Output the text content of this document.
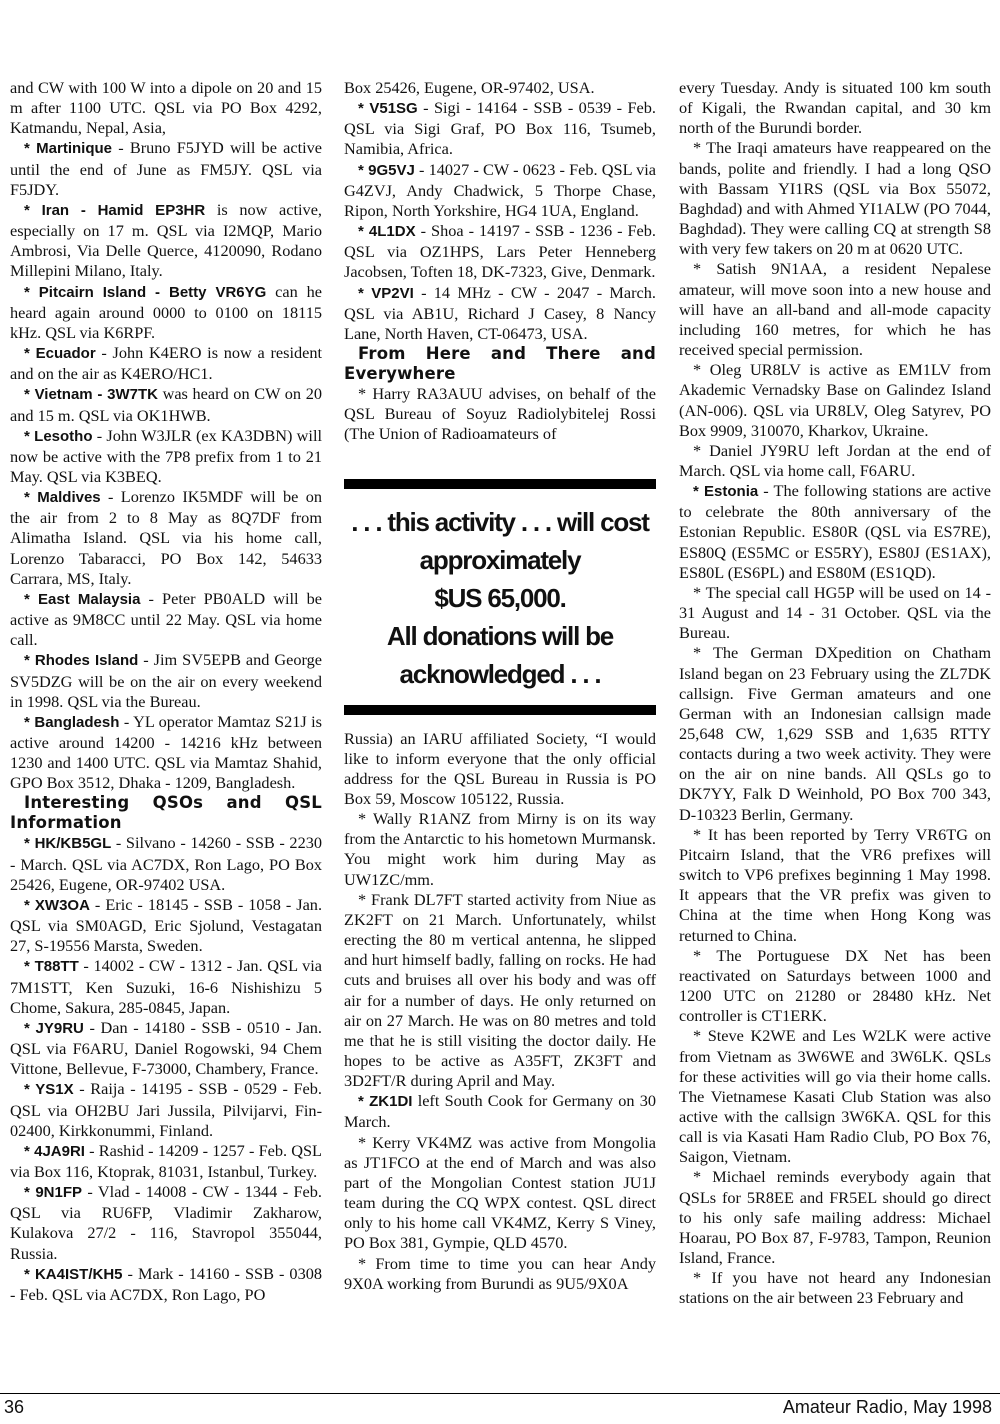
and CW with 100 W into a dipole on 20 and 15 m after 1100 UTC. QSL via PO Box 4292, Katmandu, Nepal, Asia,

* Martinique - Bruno F5JYD will be active until the end of June as FM5JY. QSL via F5JDY.

* Iran - Hamid EP3HR is now active, especially on 17 m. QSL via I2MQP, Mario Ambrosi, Via Delle Querce, 4120090, Rodano Millepini Milano, Italy.

* Pitcairn Island - Betty VR6YG can he heard again around 0000 to 0100 on 18115 kHz. QSL via K6RPF.

* Ecuador - John K4ERO is now a resident and on the air as K4ERO/HC1.

* Vietnam - 3W7TK was heard on CW on 20 and 15 m. QSL via OK1HWB.

* Lesotho - John W3JLR (ex KA3DBN) will now be active with the 7P8 prefix from 1 to 21 May. QSL via K3BEQ.

* Maldives - Lorenzo IK5MDF will be on the air from 2 to 8 May as 8Q7DF from Alimatha Island. QSL via his home call, Lorenzo Tabaracci, PO Box 142, 54633 Carrara, MS, Italy.

* East Malaysia - Peter PB0ALD will be active as 9M8CC until 22 May. QSL via home call.

* Rhodes Island - Jim SV5EPB and George SV5DZG will be on the air on every weekend in 1998. QSL via the Bureau.

* Bangladesh - YL operator Mamtaz S21J is active around 14200 - 14216 kHz between 1230 and 1400 UTC. QSL via Mamtaz Shahid, GPO Box 3512, Dhaka - 1209, Bangladesh.

Interesting QSOs and QSL Information

* HK/KB5GL - Silvano - 14260 - SSB - 2230 - March. QSL via AC7DX, Ron Lago, PO Box 25426, Eugene, OR-97402 USA.

* XW3OA - Eric - 18145 - SSB - 1058 - Jan. QSL via SM0AGD, Eric Sjolund, Vestagatan 27, S-19556 Marsta, Sweden.

* T88TT - 14002 - CW - 1312 - Jan. QSL via 7M1STT, Ken Suzuki, 16-6 Nishishizu 5 Chome, Sakura, 285-0845, Japan.

* JY9RU - Dan - 14180 - SSB - 0510 - Jan. QSL via F6ARU, Daniel Rogowski, 94 Chem Vittone, Bellevue, F-73000, Chambery, France.

* YS1X - Raija - 14195 - SSB - 0529 - Feb. QSL via OH2BU Jari Jussila, Pilvijarvi, Fin-02400, Kirkkonummi, Finland.

* 4JA9RI - Rashid - 14209 - 1257 - Feb. QSL via Box 116, Ktoprak, 81031, Istanbul, Turkey.

* 9N1FP - Vlad - 14008 - CW - 1344 - Feb. QSL via RU6FP, Vladimir Zakharow, Kulakova 27/2 - 116, Stavropol 355044, Russia.

* KA4IST/KH5 - Mark - 14160 - SSB - 0308 - Feb. QSL via AC7DX, Ron Lago, PO

Box 25426, Eugene, OR-97402, USA.

* V51SG - Sigi - 14164 - SSB - 0539 - Feb. QSL via Sigi Graf, PO Box 116, Tsumeb, Namibia, Africa.

* 9G5VJ - 14027 - CW - 0623 - Feb. QSL via G4ZVJ, Andy Chadwick, 5 Thorpe Chase, Ripon, North Yorkshire, HG4 1UA, England.

* 4L1DX - Shoa - 14197 - SSB - 1236 - Feb. QSL via OZ1HPS, Lars Peter Henneberg Jacobsen, Toften 18, DK-7323, Give, Denmark.

* VP2VI - 14 MHz - CW - 2047 - March. QSL via AB1U, Richard J Casey, 8 Nancy Lane, North Haven, CT-06473, USA.

From Here and There and Everywhere

* Harry RA3AUU advises, on behalf of the QSL Bureau of Soyuz Radiolybitelej Rossi (The Union of Radioamateurs of

. . . this activity . . . will cost
approximately
$US 65,000.
All donations will be
acknowledged . . .

Russia) an IARU affiliated Society, “I would like to inform everyone that the only official address for the QSL Bureau in Russia is PO Box 59, Moscow 105122, Russia.

* Wally R1ANZ from Mirny is on its way from the Antarctic to his hometown Murmansk. You might work him during May as UW1ZC/mm.

* Frank DL7FT started activity from Niue as ZK2FT on 21 March. Unfortunately, whilst erecting the 80 m vertical antenna, he slipped and hurt himself badly, falling on rocks. He had cuts and bruises all over his body and was off air for a number of days. He only returned on air on 27 March. He was on 80 metres and told me that he is still visiting the doctor daily. He hopes to be active as A35FT, ZK3FT and 3D2FT/R during April and May.

* ZK1DI left South Cook for Germany on 30 March.

* Kerry VK4MZ was active from Mongolia as JT1FCO at the end of March and was also part of the Mongolian Contest station JU1J team during the CQ WPX contest. QSL direct only to his home call VK4MZ, Kerry S Viney, PO Box 381, Gympie, QLD 4570.

* From time to time you can hear Andy 9X0A working from Burundi as 9U5/9X0A

every Tuesday. Andy is situated 100 km south of Kigali, the Rwandan capital, and 30 km north of the Burundi border.

* The Iraqi amateurs have reappeared on the bands, polite and friendly. I had a long QSO with Bassam YI1RS (QSL via Box 55072, Baghdad) and with Ahmed YI1ALW (PO 7044, Baghdad). They were calling CQ at strength S8 with very few takers on 20 m at 0620 UTC.

* Satish 9N1AA, a resident Nepalese amateur, will move soon into a new house and will have an all-band and all-mode capacity including 160 metres, for which he has received special permission.

* Oleg UR8LV is active as EM1LV from Akademic Vernadsky Base on Galindez Island (AN-006). QSL via UR8LV, Oleg Satyrev, PO Box 9909, 310070, Kharkov, Ukraine.

* Daniel JY9RU left Jordan at the end of March. QSL via home call, F6ARU.

* Estonia - The following stations are active to celebrate the 80th anniversary of the Estonian Republic. ES80R (QSL via ES7RE), ES80Q (ES5MC or ES5RY), ES80J (ES1AX), ES80L (ES6PL) and ES80M (ES1QD).

* The special call HG5P will be used on 14 - 31 August and 14 - 31 October. QSL via the Bureau.

* The German DXpedition on Chatham Island began on 23 February using the ZL7DK callsign. Five German amateurs and one German with an Indonesian callsign made 25,648 CW, 1,629 SSB and 1,635 RTTY contacts during a two week activity. They were on the air on nine bands. All QSLs go to DK7YY, Falk D Weinhold, PO Box 700 343, D-10323 Berlin, Germany.

* It has been reported by Terry VR6TG on Pitcairn Island, that the VR6 prefixes will switch to VP6 prefixes beginning 1 May 1998. It appears that the VR prefix was given to China at the time when Hong Kong was returned to China.

* The Portuguese DX Net has been reactivated on Saturdays between 1000 and 1200 UTC on 21280 or 28480 kHz. Net controller is CT1ERK.

* Steve K2WE and Les W2LK were active from Vietnam as 3W6WE and 3W6LK. QSLs for these activities will go via their home calls. The Vietnamese Kasati Club Station was also active with the callsign 3W6KA. QSL for this call is via Kasati Ham Radio Club, PO Box 76, Saigon, Vietnam.

* Michael reminds everybody again that QSLs for 5R8EE and FR5EL should go direct to his only safe mailing address: Michael Hoarau, PO Box 87, F-9783, Tampon, Reunion Island, France.

* If you have not heard any Indonesian stations on the air between 23 February and

36	Amateur Radio, May 1998
